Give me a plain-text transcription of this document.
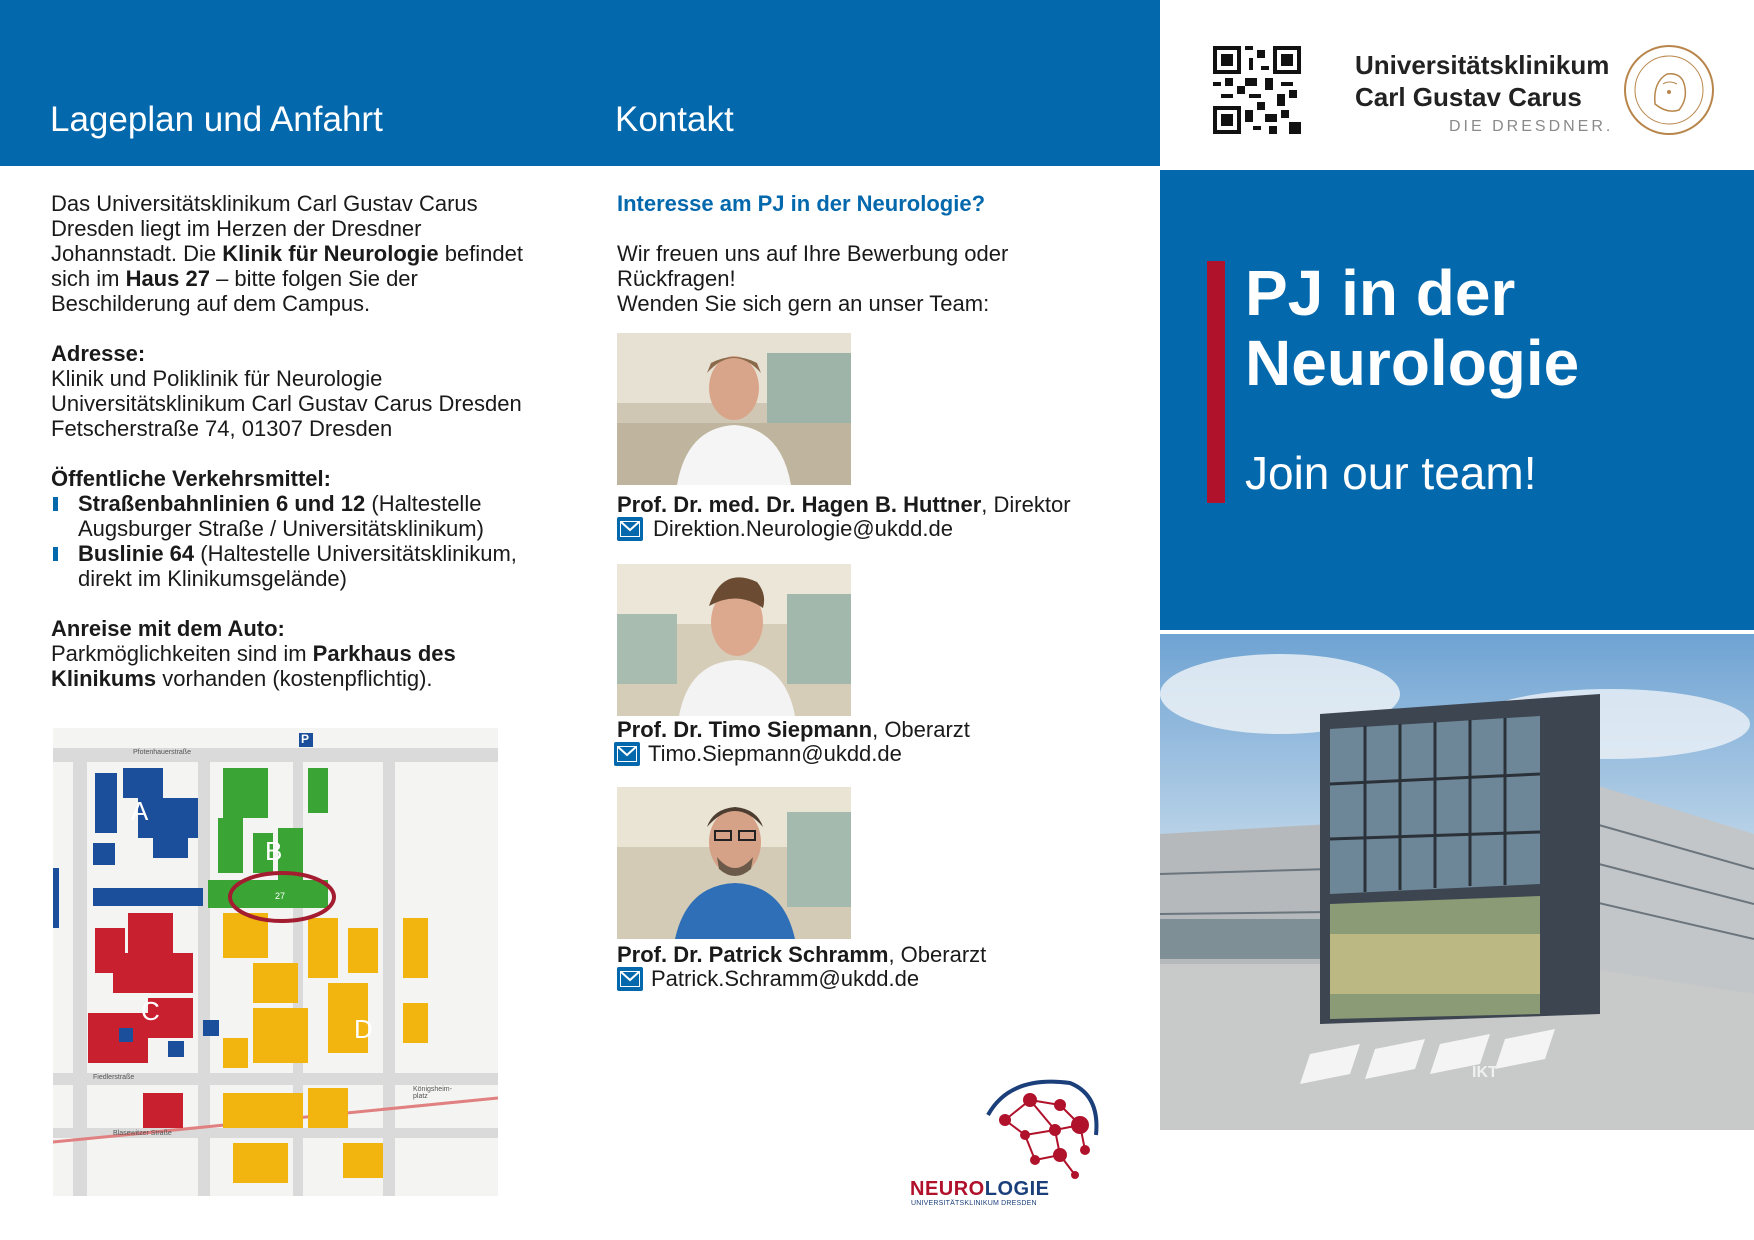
Lageplan und Anfahrt	Kontakt
Das Universitätsklinikum Carl Gustav Carus Dresden liegt im Herzen der Dresdner Johannstadt. Die Klinik für Neurologie befindet sich im Haus 27 – bitte folgen Sie der Beschilderung auf dem Campus.
Adresse:
Klinik und Poliklinik für Neurologie
Universitätsklinikum Carl Gustav Carus Dresden
Fetscherstraße 74, 01307 Dresden
Öffentliche Verkehrsmittel:
Straßenbahnlinien 6 und 12 (Haltestelle Augsburger Straße / Universitätsklinikum)
Buslinie 64 (Haltestelle Universitätsklinikum, direkt im Klinikumsgelände)
Anreise mit dem Auto:
Parkmöglichkeiten sind im Parkhaus des Klinikums vorhanden (kostenpflichtig).
A
B
C
D
P
Pfotenhauerstraße
Fiedlerstraße
Blasewitzer Straße
Königsheim-platz
27
Interesse am PJ in der Neurologie?
Wir freuen uns auf Ihre Bewerbung oder
Rückfragen!
Wenden Sie sich gern an unser Team:
Prof. Dr. med. Dr. Hagen B. Huttner, Direktor
Direktion.Neurologie@ukdd.de
Prof. Dr. Timo Siepmann, Oberarzt
Timo.Siepmann@ukdd.de
Prof. Dr. Patrick Schramm, Oberarzt
Patrick.Schramm@ukdd.de
NEUROLOGIE
UNIVERSITÄTSKLINIKUM DRESDEN
Universitätsklinikum
Carl Gustav Carus
DIE DRESDNER.
PJ in der
Neurologie
Join our team!
IKT
